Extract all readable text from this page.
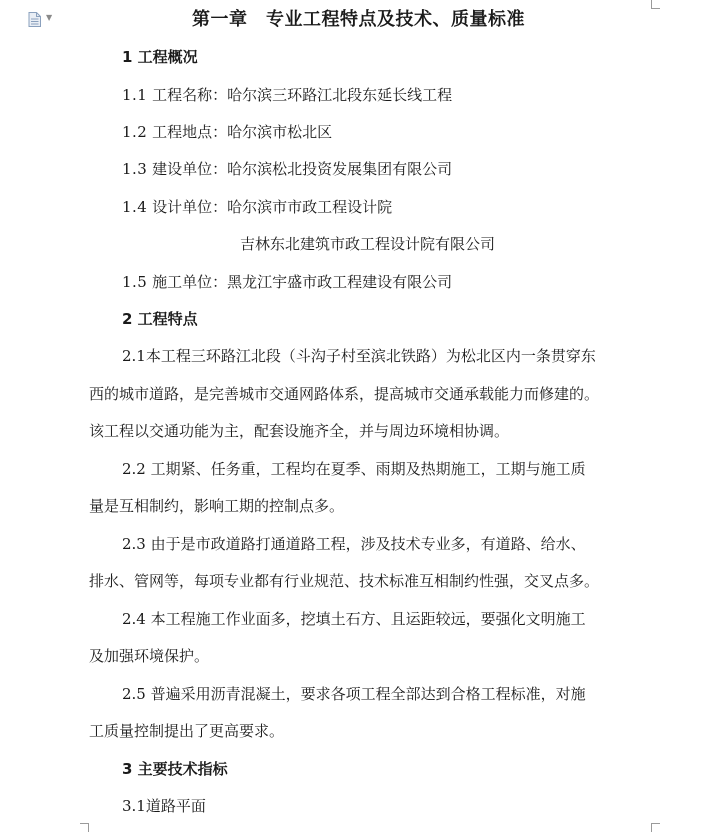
▼	第一章　专业工程特点及技术、质量标准
1 工程概况
1.1 工程名称：哈尔滨三环路江北段东延长线工程
1.2 工程地点：哈尔滨市松北区
1.3 建设单位：哈尔滨松北投资发展集团有限公司
1.4 设计单位：哈尔滨市市政工程设计院
吉林东北建筑市政工程设计院有限公司
1.5 施工单位：黑龙江宇盛市政工程建设有限公司
2 工程特点
2.1本工程三环路江北段（斗沟子村至滨北铁路）为松北区内一条贯穿东
西的城市道路，是完善城市交通网路体系，提高城市交通承载能力而修建的。
该工程以交通功能为主，配套设施齐全，并与周边环境相协调。
2.2 工期紧、任务重，工程均在夏季、雨期及热期施工，工期与施工质
量是互相制约，影响工期的控制点多。
2.3 由于是市政道路打通道路工程，涉及技术专业多，有道路、给水、
排水、管网等，每项专业都有行业规范、技术标准互相制约性强，交叉点多。
2.4 本工程施工作业面多，挖填土石方、且运距较远，要强化文明施工
及加强环境保护。
2.5 普遍采用沥青混凝土，要求各项工程全部达到合格工程标准，对施
工质量控制提出了更高要求。
3 主要技术指标
3.1道路平面
